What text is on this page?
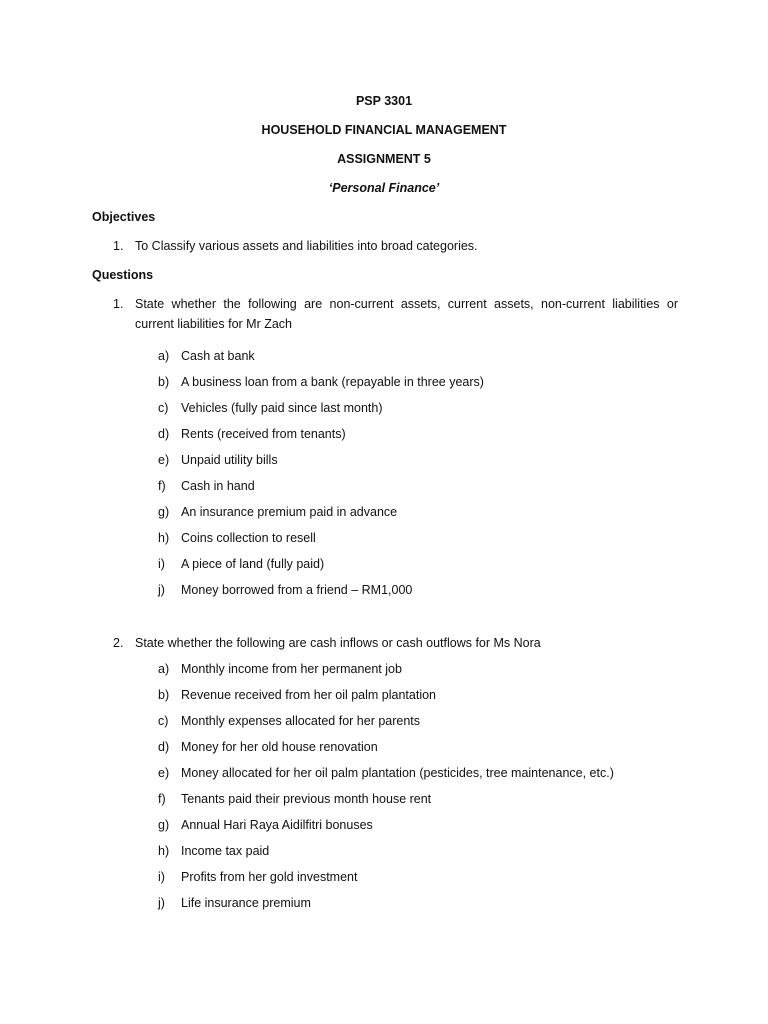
PSP 3301
HOUSEHOLD FINANCIAL MANAGEMENT
ASSIGNMENT 5
‘Personal Finance’
Objectives
1. To Classify various assets and liabilities into broad categories.
Questions
1. State whether the following are non-current assets, current assets, non-current liabilities or
current liabilities for Mr Zach
a) Cash at bank
b) A business loan from a bank (repayable in three years)
c) Vehicles (fully paid since last month)
d) Rents (received from tenants)
e) Unpaid utility bills
f) Cash in hand
g) An insurance premium paid in advance
h) Coins collection to resell
i) A piece of land (fully paid)
j) Money borrowed from a friend – RM1,000
2. State whether the following are cash inflows or cash outflows for Ms Nora
a) Monthly income from her permanent job
b) Revenue received from her oil palm plantation
c) Monthly expenses allocated for her parents
d) Money for her old house renovation
e) Money allocated for her oil palm plantation (pesticides, tree maintenance, etc.)
f) Tenants paid their previous month house rent
g) Annual Hari Raya Aidilfitri bonuses
h) Income tax paid
i) Profits from her gold investment
j) Life insurance premium
